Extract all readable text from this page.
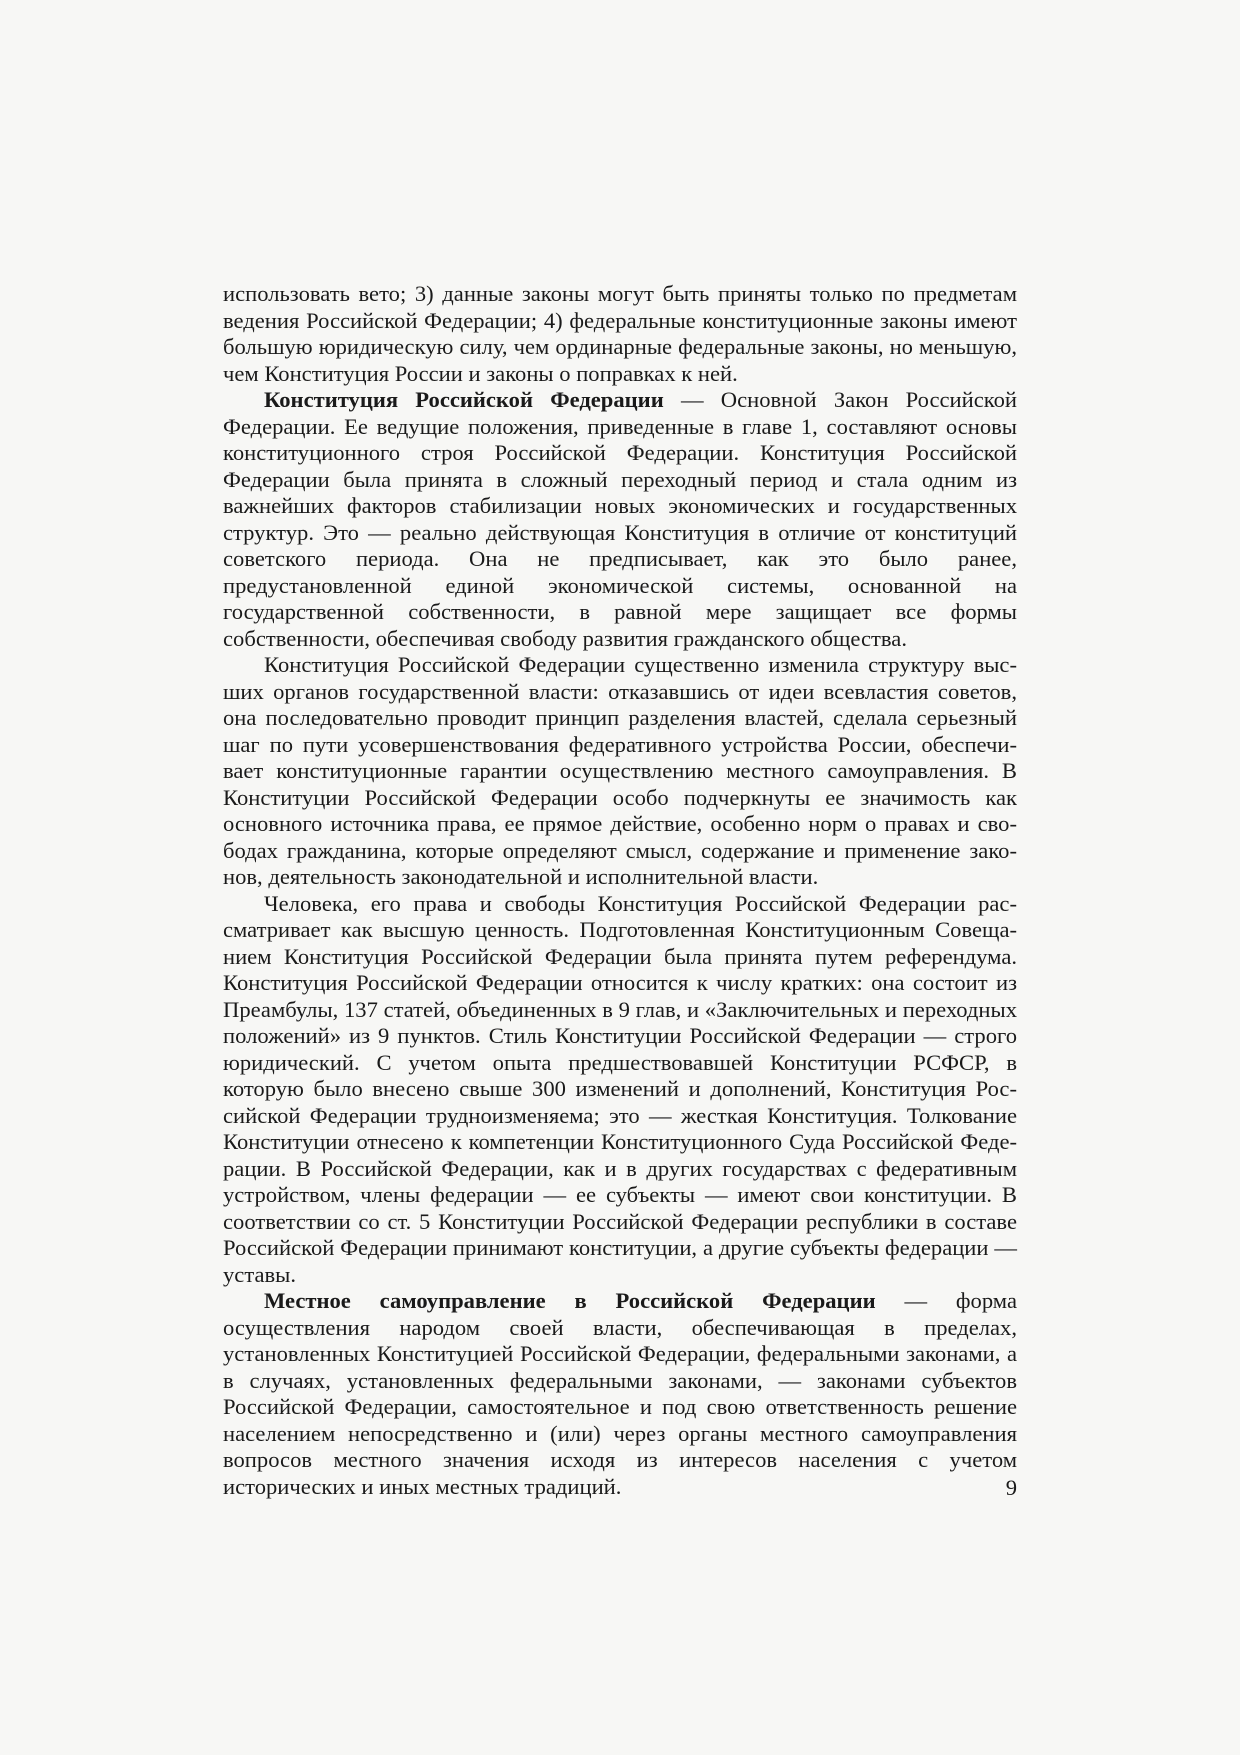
использовать вето; 3) данные законы могут быть приняты только по предметам ведения Российской Федерации; 4) федеральные конституционные законы имеют большую юридическую силу, чем ординарные федеральные законы, но меньшую, чем Конституция России и законы о поправках к ней.

Конституция Российской Федерации — Основной Закон Российской Федерации. Ее ведущие положения, приведенные в главе 1, составляют основы конституционного строя Российской Федерации. Конституция Российской Федерации была принята в сложный переходный период и стала одним из важнейших факторов стабилизации новых экономических и государственных структур. Это — реально действующая Конституция в отличие от конституций советского периода. Она не предписывает, как это было ранее, предустановленной единой экономической системы, основанной на государственной собственности, в равной мере защищает все формы собственности, обеспечивая свободу развития гражданского общества.

Конституция Российской Федерации существенно изменила структуру высших органов государственной власти: отказавшись от идеи всевластия советов, она последовательно проводит принцип разделения властей, сделала серьезный шаг по пути усовершенствования федеративного устройства России, обеспечивает конституционные гарантии осуществлению местного самоуправления. В Конституции Российской Федерации особо подчеркнуты ее значимость как основного источника права, ее прямое действие, особенно норм о правах и свободах гражданина, которые определяют смысл, содержание и применение законов, деятельность законодательной и исполнительной власти.

Человека, его права и свободы Конституция Российской Федерации рассматривает как высшую ценность. Подготовленная Конституционным Совещанием Конституция Российской Федерации была принята путем референдума. Конституция Российской Федерации относится к числу кратких: она состоит из Преамбулы, 137 статей, объединенных в 9 глав, и «Заключительных и переходных положений» из 9 пунктов. Стиль Конституции Российской Федерации — строго юридический. С учетом опыта предшествовавшей Конституции РСФСР, в которую было внесено свыше 300 изменений и дополнений, Конституция Российской Федерации трудноизменяема; это — жесткая Конституция. Толкование Конституции отнесено к компетенции Конституционного Суда Российской Федерации. В Российской Федерации, как и в других государствах с федеративным устройством, члены федерации — ее субъекты — имеют свои конституции. В соответствии со ст. 5 Конституции Российской Федерации республики в составе Российской Федерации принимают конституции, а другие субъекты федерации — уставы.

Местное самоуправление в Российской Федерации — форма осуществления народом своей власти, обеспечивающая в пределах, установленных Конституцией Российской Федерации, федеральными законами, а в случаях, установленных федеральными законами, — законами субъектов Российской Федерации, самостоятельное и под свою ответственность решение населением непосредственно и (или) через органы местного самоуправления вопросов местного значения исходя из интересов населения с учетом исторических и иных местных традиций.	9
